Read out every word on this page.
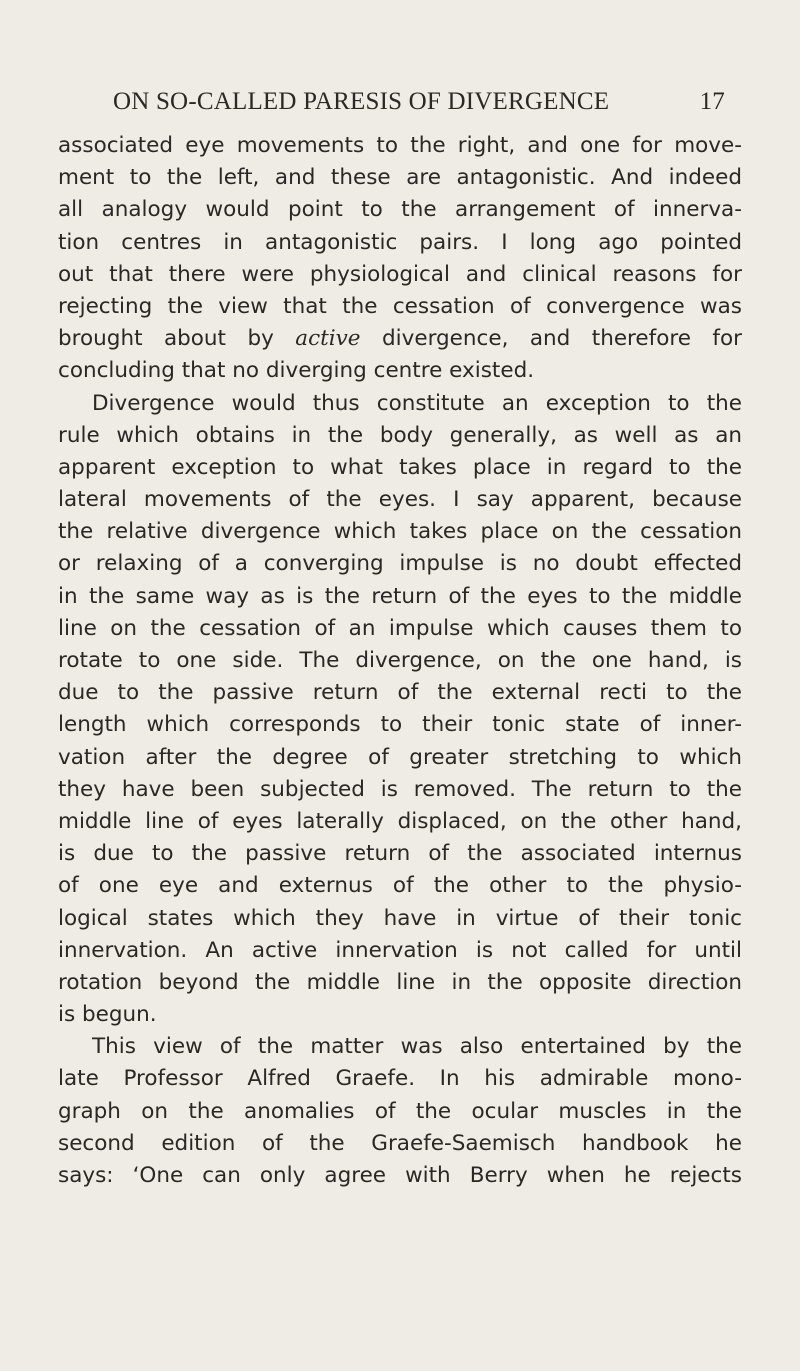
ON SO-CALLED PARESIS OF DIVERGENCE	17
associated eye movements to the right, and one for move-
ment to the left, and these are antagonistic. And indeed
all analogy would point to the arrangement of innerva-
tion centres in antagonistic pairs. I long ago pointed
out that there were physiological and clinical reasons for
rejecting the view that the cessation of convergence was
brought about by active divergence, and therefore for
concluding that no diverging centre existed.
Divergence would thus constitute an exception to the
rule which obtains in the body generally, as well as an
apparent exception to what takes place in regard to the
lateral movements of the eyes. I say apparent, because
the relative divergence which takes place on the cessation
or relaxing of a converging impulse is no doubt effected
in the same way as is the return of the eyes to the middle
line on the cessation of an impulse which causes them to
rotate to one side. The divergence, on the one hand, is
due to the passive return of the external recti to the
length which corresponds to their tonic state of inner-
vation after the degree of greater stretching to which
they have been subjected is removed. The return to the
middle line of eyes laterally displaced, on the other hand,
is due to the passive return of the associated internus
of one eye and externus of the other to the physio-
logical states which they have in virtue of their tonic
innervation. An active innervation is not called for until
rotation beyond the middle line in the opposite direction
is begun.
This view of the matter was also entertained by the
late Professor Alfred Graefe. In his admirable mono-
graph on the anomalies of the ocular muscles in the
second edition of the Graefe-Saemisch handbook he
says: ‘One can only agree with Berry when he rejects
